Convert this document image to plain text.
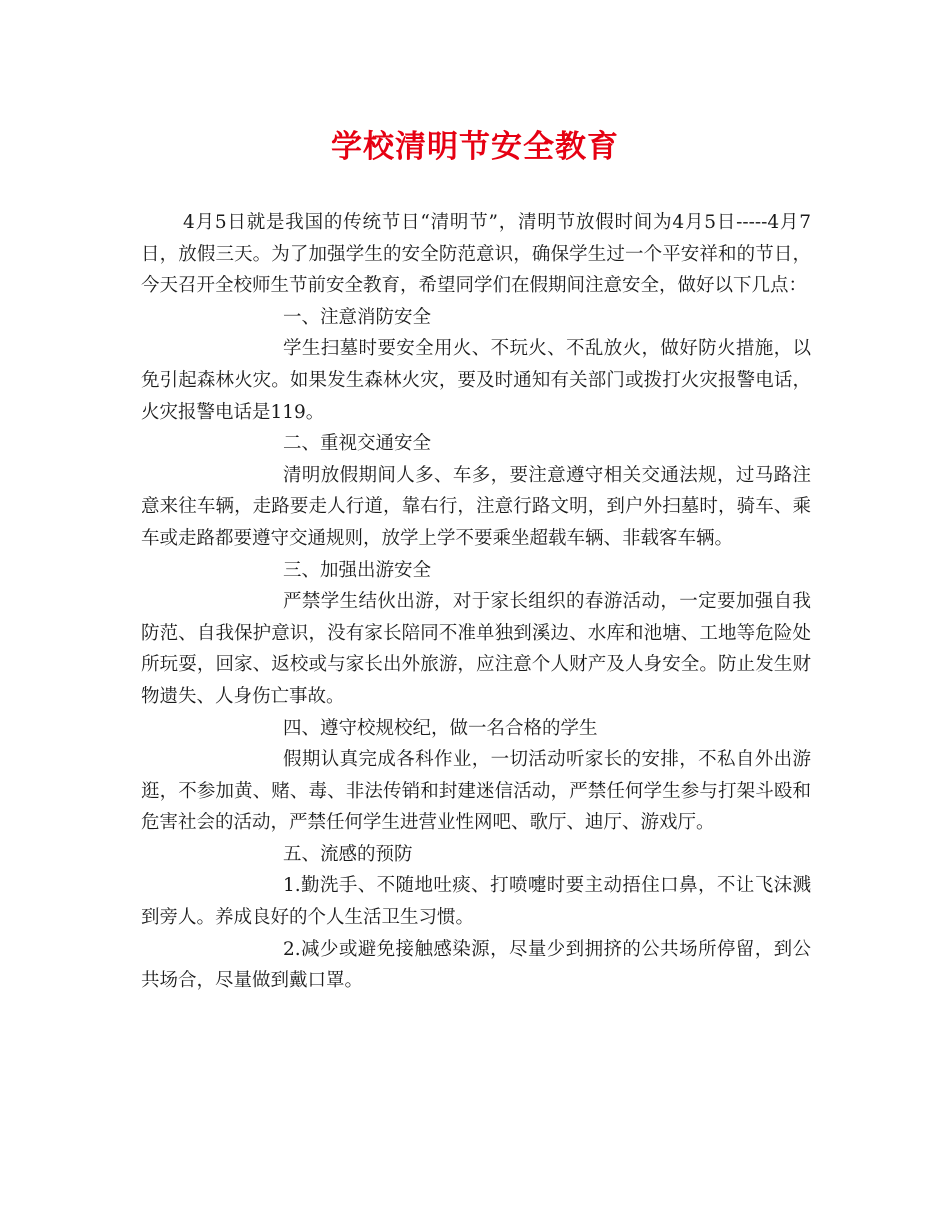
学校清明节安全教育

4月5日就是我国的传统节日“清明节”，清明节放假时间为4月5日-----4月7日，放假三天。为了加强学生的安全防范意识，确保学生过一个平安祥和的节日，今天召开全校师生节前安全教育，希望同学们在假期间注意安全，做好以下几点：

一、注意消防安全

学生扫墓时要安全用火、不玩火、不乱放火，做好防火措施，以免引起森林火灾。如果发生森林火灾，要及时通知有关部门或拨打火灾报警电话，火灾报警电话是119。

二、重视交通安全

清明放假期间人多、车多，要注意遵守相关交通法规，过马路注意来往车辆，走路要走人行道，靠右行，注意行路文明，到户外扫墓时，骑车、乘车或走路都要遵守交通规则，放学上学不要乘坐超载车辆、非载客车辆。

三、加强出游安全

严禁学生结伙出游，对于家长组织的春游活动，一定要加强自我防范、自我保护意识，没有家长陪同不准单独到溪边、水库和池塘、工地等危险处所玩耍，回家、返校或与家长出外旅游，应注意个人财产及人身安全。防止发生财物遗失、人身伤亡事故。

四、遵守校规校纪，做一名合格的学生

假期认真完成各科作业，一切活动听家长的安排，不私自外出游逛，不参加黄、赌、毒、非法传销和封建迷信活动，严禁任何学生参与打架斗殴和危害社会的活动，严禁任何学生进营业性网吧、歌厅、迪厅、游戏厅。

五、流感的预防

1.勤洗手、不随地吐痰、打喷嚏时要主动捂住口鼻，不让飞沫溅到旁人。养成良好的个人生活卫生习惯。

2.减少或避免接触感染源，尽量少到拥挤的公共场所停留，到公共场合，尽量做到戴口罩。
